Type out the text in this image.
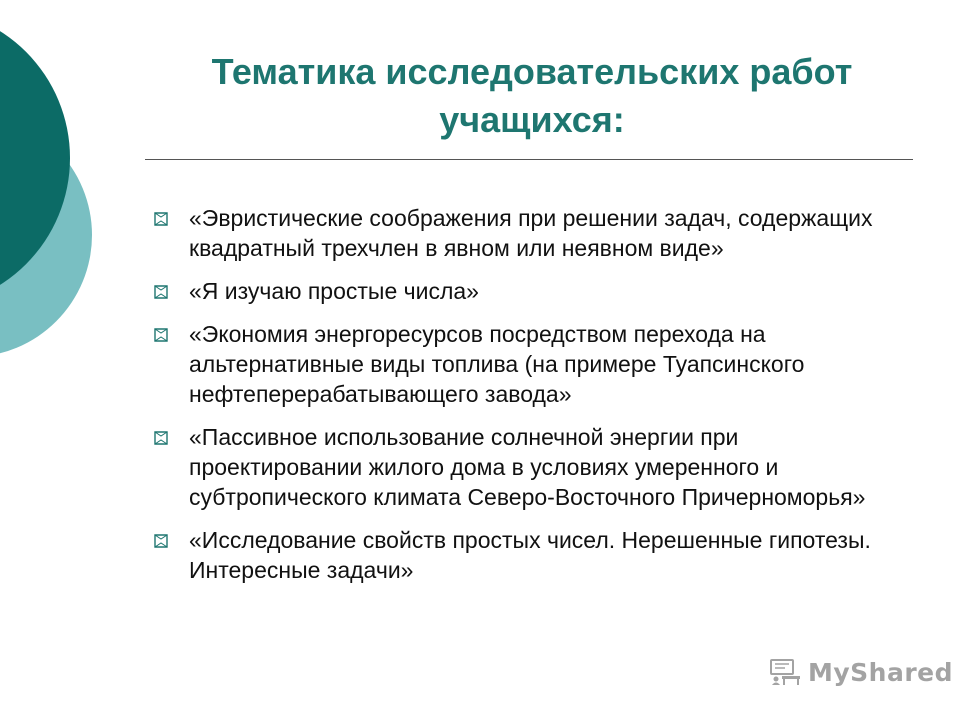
Тематика исследовательских работ
учащихся:
«Эвристические соображения при решении задач, содержащих квадратный трехчлен в явном или неявном виде»
«Я изучаю простые числа»
«Экономия энергоресурсов посредством перехода на альтернативные виды топлива (на примере Туапсинского нефтеперерабатывающего завода»
«Пассивное использование солнечной энергии при проектировании жилого дома в условиях умеренного и субтропического климата Северо-Восточного Причерноморья»
«Исследование свойств простых чисел. Нерешенные гипотезы. Интересные задачи»
MyShared
